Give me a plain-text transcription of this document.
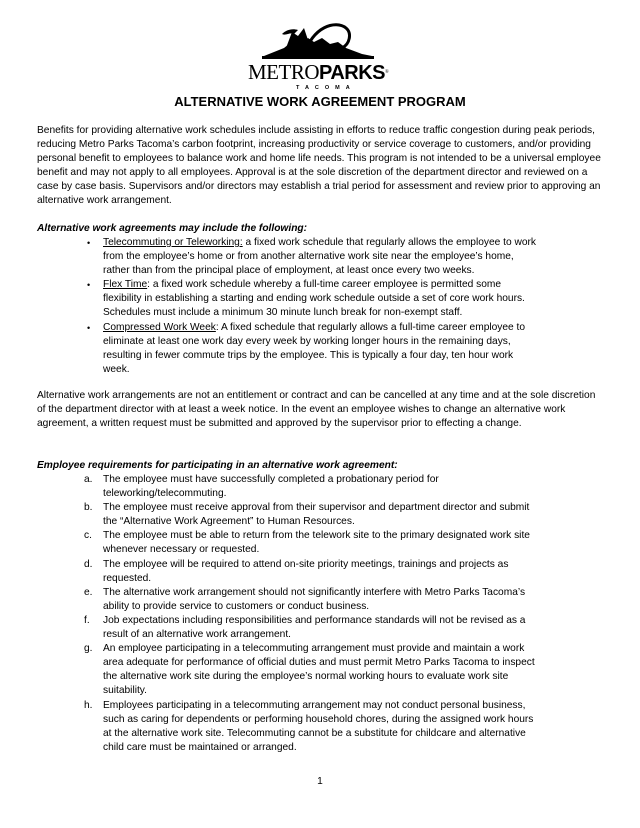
METROPARKS®
TACOMA
ALTERNATIVE WORK AGREEMENT PROGRAM

Benefits for providing alternative work schedules include assisting in efforts to reduce traffic congestion during peak periods, reducing Metro Parks Tacoma’s carbon footprint, increasing productivity or service coverage to customers, and/or providing personal benefit to employees to balance work and home life needs. This program is not intended to be a universal employee benefit and may not apply to all employees. Approval is at the sole discretion of the department director and reviewed on a case by case basis. Supervisors and/or directors may establish a trial period for assessment and review prior to approving an alternative work arrangement.

Alternative work agreements may include the following:
• Telecommuting or Teleworking: a fixed work schedule that regularly allows the employee to work from the employee’s home or from another alternative work site near the employee’s home, rather than from the principal place of employment, at least once every two weeks.
• Flex Time: a fixed work schedule whereby a full-time career employee is permitted some flexibility in establishing a starting and ending work schedule outside a set of core work hours. Schedules must include a minimum 30 minute lunch break for non-exempt staff.
• Compressed Work Week: A fixed schedule that regularly allows a full-time career employee to eliminate at least one work day every week by working longer hours in the remaining days, resulting in fewer commute trips by the employee. This is typically a four day, ten hour work week.

Alternative work arrangements are not an entitlement or contract and can be cancelled at any time and at the sole discretion of the department director with at least a week notice. In the event an employee wishes to change an alternative work agreement, a written request must be submitted and approved by the supervisor prior to effecting a change.

Employee requirements for participating in an alternative work agreement:
a. The employee must have successfully completed a probationary period for teleworking/telecommuting.
b. The employee must receive approval from their supervisor and department director and submit the “Alternative Work Agreement” to Human Resources.
c. The employee must be able to return from the telework site to the primary designated work site whenever necessary or requested.
d. The employee will be required to attend on-site priority meetings, trainings and projects as requested.
e. The alternative work arrangement should not significantly interfere with Metro Parks Tacoma’s ability to provide service to customers or conduct business.
f. Job expectations including responsibilities and performance standards will not be revised as a result of an alternative work arrangement.
g. An employee participating in a telecommuting arrangement must provide and maintain a work area adequate for performance of official duties and must permit Metro Parks Tacoma to inspect the alternative work site during the employee’s normal working hours to evaluate work site suitability.
h. Employees participating in a telecommuting arrangement may not conduct personal business, such as caring for dependents or performing household chores, during the assigned work hours at the alternative work site. Telecommuting cannot be a substitute for childcare and alternative child care must be maintained or arranged.
1
